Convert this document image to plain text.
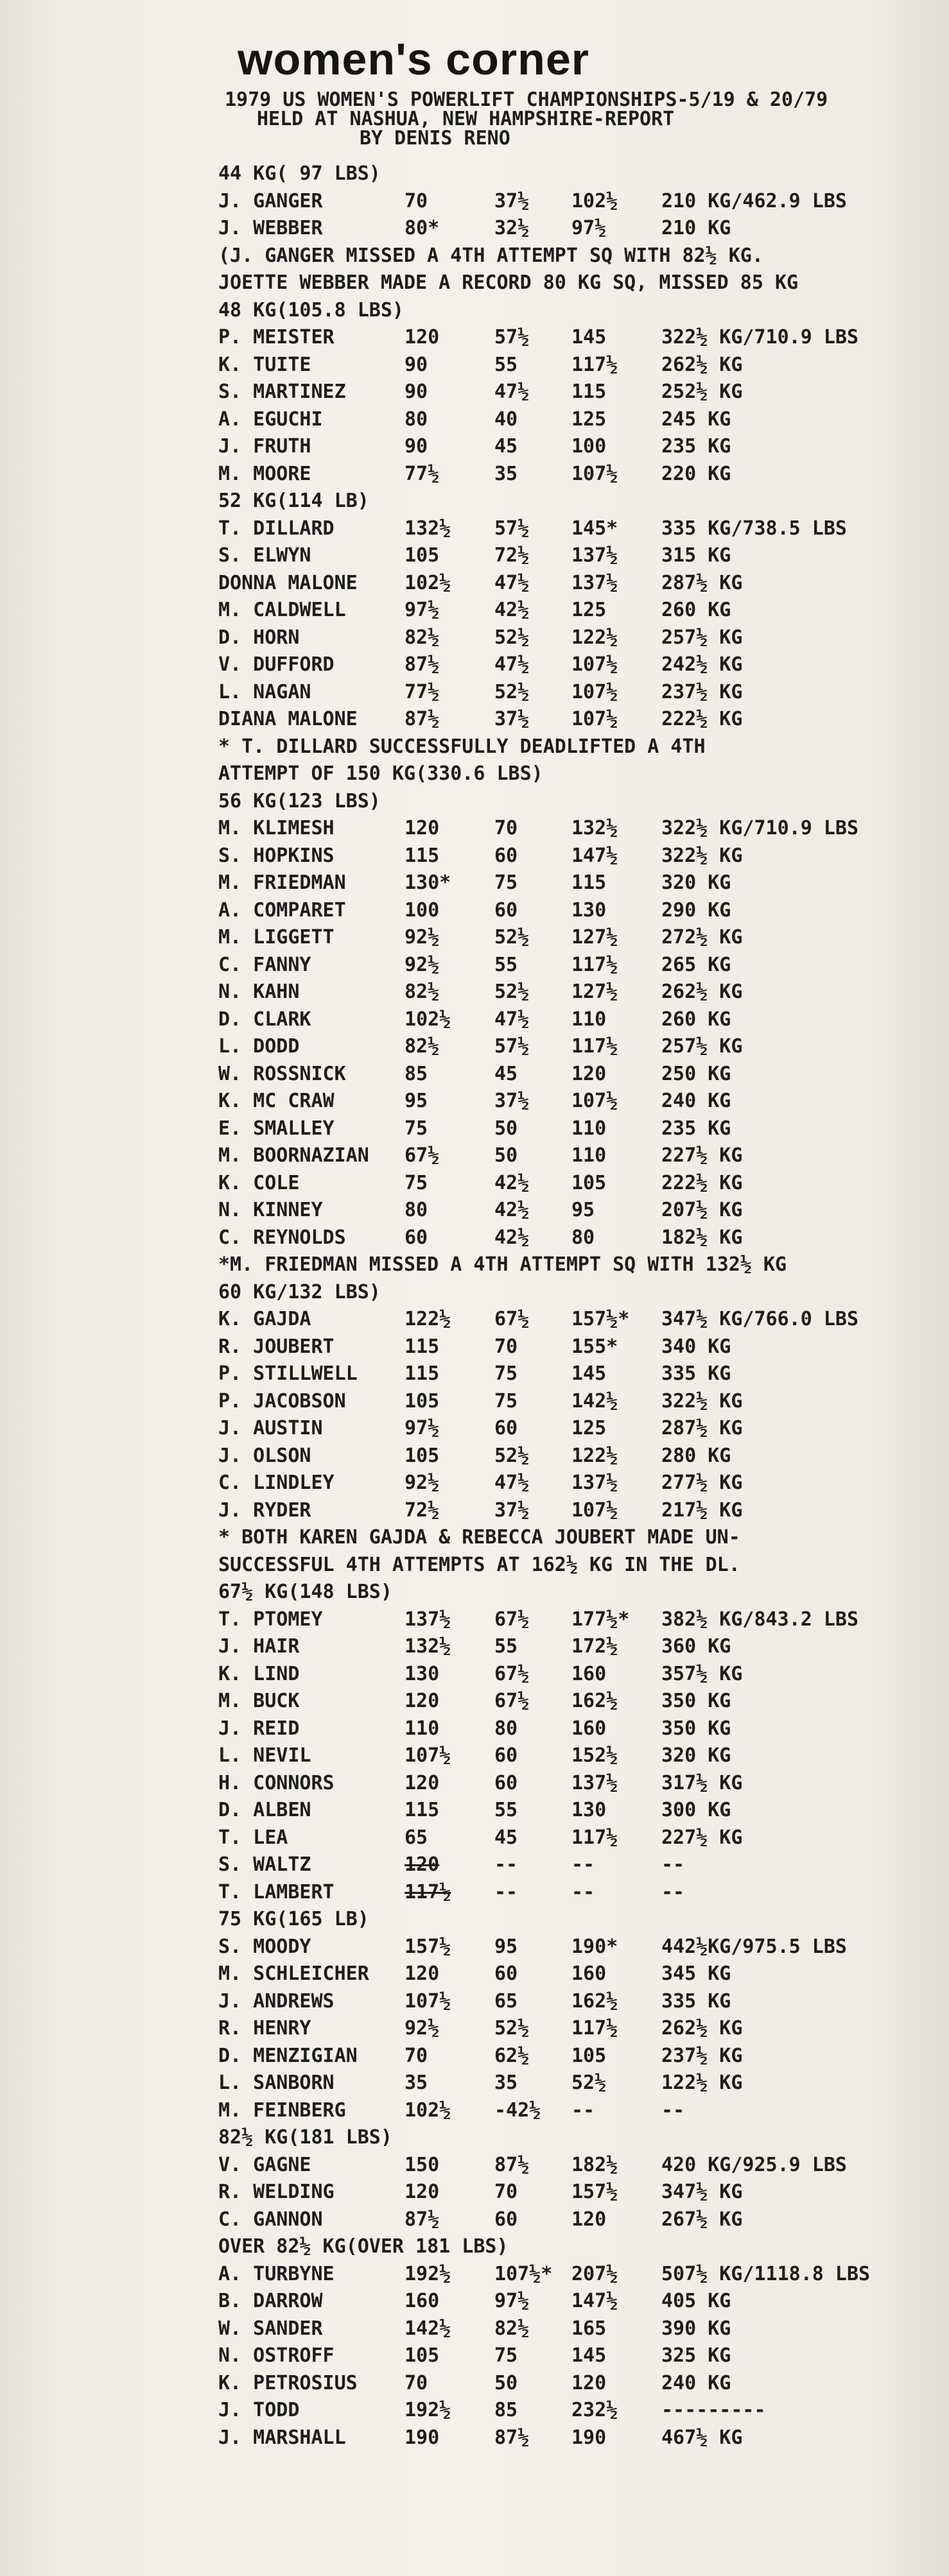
women's corner

1979 US WOMEN'S POWERLIFT CHAMPIONSHIPS-5/19 & 20/79

HELD AT NASHUA, NEW HAMPSHIRE-REPORT

BY DENIS RENO

44 KG( 97 LBS)
J. GANGER	70	37½ 102½ 210 KG/462.9 LBS
J. WEBBER	80*	32½ 97½	210 KG
(J. GANGER MISSED A 4TH ATTEMPT SQ WITH 82½ KG.
JOETTE WEBBER MADE A RECORD 80 KG SQ, MISSED 85 KG
48 KG(105.8 LBS)
P. MEISTER	120	57½ 145	322½ KG/710.9 LBS
K. TUITE	90	55	117½ 262½ KG
S. MARTINEZ	90	47½ 115	252½ KG
A. EGUCHI	80	40	125	245 KG
J. FRUTH	90	45	100	235 KG
M. MOORE	77½	35	107½ 220 KG
52 KG(114 LB)
T. DILLARD	132½ 57½ 145* 335 KG/738.5 LBS
S. ELWYN	105	72½ 137½ 315 KG
DONNA MALONE 102½ 47½ 137½ 287½ KG
M. CALDWELL	97½	42½ 125	260 KG
D. HORN	82½	52½ 122½ 257½ KG
V. DUFFORD	87½	47½ 107½ 242½ KG
L. NAGAN	77½	52½ 107½ 237½ KG
DIANA MALONE 87½	37½ 107½ 222½ KG
* T. DILLARD SUCCESSFULLY DEADLIFTED A 4TH
ATTEMPT OF 150 KG(330.6 LBS)
56 KG(123 LBS)
M. KLIMESH	120	70	132½ 322½ KG/710.9 LBS
S. HOPKINS	115	60	147½ 322½ KG
M. FRIEDMAN	130* 75	115	320 KG
A. COMPARET	100	60	130	290 KG
M. LIGGETT	92½	52½ 127½ 272½ KG
C. FANNY	92½	55	117½ 265 KG
N. KAHN	82½	52½ 127½ 262½ KG
D. CLARK	102½ 47½ 110	260 KG
L. DODD	82½	57½ 117½ 257½ KG
W. ROSSNICK	85	45	120	250 KG
K. MC CRAW	95	37½ 107½ 240 KG
E. SMALLEY	75	50	110	235 KG
M. BOORNAZIAN 67½	50	110	227½ KG
K. COLE	75	42½ 105	222½ KG
N. KINNEY	80	42½ 95	207½ KG
C. REYNOLDS	60	42½ 80	182½ KG
*M. FRIEDMAN MISSED A 4TH ATTEMPT SQ WITH 132½ KG
60 KG/132 LBS)
K. GAJDA	122½ 67½ 157½* 347½ KG/766.0 LBS
R. JOUBERT	115	70	155* 340 KG
P. STILLWELL 115	75	145	335 KG
P. JACOBSON	105	75	142½ 322½ KG
J. AUSTIN	97½	60	125	287½ KG
J. OLSON	105	52½ 122½ 280 KG
C. LINDLEY	92½	47½ 137½ 277½ KG
J. RYDER	72½	37½ 107½ 217½ KG
* BOTH KAREN GAJDA & REBECCA JOUBERT MADE UN-
SUCCESSFUL 4TH ATTEMPTS AT 162½ KG IN THE DL.
67½ KG(148 LBS)
T. PTOMEY	137½ 67½ 177½* 382½ KG/843.2 LBS
J. HAIR	132½ 55	172½ 360 KG
K. LIND	130	67½ 160	357½ KG
M. BUCK	120	67½ 162½ 350 KG
J. REID	110	80	160	350 KG
L. NEVIL	107½ 60	152½ 320 KG
H. CONNORS	120	60	137½ 317½ KG
D. ALBEN	115	55	130	300 KG
T. LEA	65	45	117½ 227½ KG
S. WALTZ	120	--	--	--
T. LAMBERT	117½ --	--	--
75 KG(165 LB)
S. MOODY	157½ 95	190* 442½KG/975.5 LBS
M. SCHLEICHER 120	60	160	345 KG
J. ANDREWS	107½ 65	162½ 335 KG
R. HENRY	92½	52½ 117½ 262½ KG
D. MENZIGIAN 70	62½ 105	237½ KG
L. SANBORN	35	35	52½	122½ KG
M. FEINBERG	102½ -42½ --	--
82½ KG(181 LBS)
V. GAGNE	150	87½ 182½ 420 KG/925.9 LBS
R. WELDING	120	70	157½ 347½ KG
C. GANNON	87½	60	120	267½ KG
OVER 82½ KG(OVER 181 LBS)
A. TURBYNE	192½ 107½* 207½ 507½ KG/1118.8 LBS
B. DARROW	160	97½ 147½ 405 KG
W. SANDER	142½ 82½ 165	390 KG
N. OSTROFF	105	75	145	325 KG
K. PETROSIUS 70	50	120	240 KG
J. TODD	192½ 85	232½ ---------
J. MARSHALL	190	87½ 190	467½ KG
